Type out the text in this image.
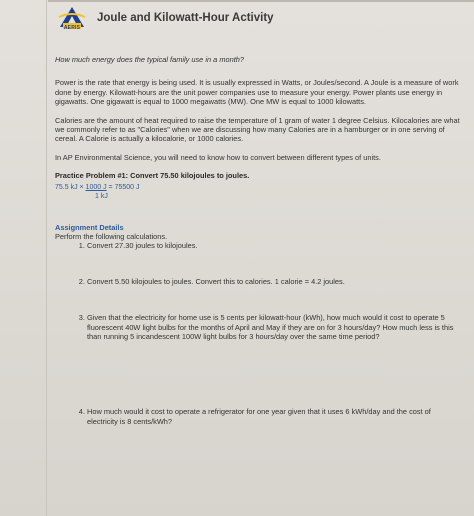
AERIS
Joule and Kilowatt-Hour Activity

How much energy does the typical family use in a month?

Power is the rate that energy is being used. It is usually expressed in Watts, or Joules/second. A Joule is a measure of work done by energy. Kilowatt-hours are the unit power companies use to measure your energy. Power plants use energy in gigawatts. One gigawatt is equal to 1000 megawatts (MW). One MW is equal to 1000 kilowatts.

Calories are the amount of heat required to raise the temperature of 1 gram of water 1 degree Celsius. Kilocalories are what we commonly refer to as "Calories" when we are discussing how many Calories are in a hamburger or in one serving of cereal. A Calorie is actually a kilocalorie, or 1000 calories.

In AP Environmental Science, you will need to know how to convert between different types of units.

Practice Problem #1: Convert 75.50 kilojoules to joules.

75.5 kJ × 1000 J = 75500 J
1 kJ

Assignment Details

Perform the following calculations.

1. Convert 27.30 joules to kilojoules.
2. Convert 5.50 kilojoules to joules. Convert this to calories. 1 calorie = 4.2 joules.
3. Given that the electricity for home use is 5 cents per kilowatt-hour (kWh), how much would it cost to operate 5 fluorescent 40W light bulbs for the months of April and May if they are on for 3 hours/day? How much less is this than running 5 incandescent 100W light bulbs for 3 hours/day over the same time period?
4. How much would it cost to operate a refrigerator for one year given that it uses 6 kWh/day and the cost of electricity is 8 cents/kWh?
